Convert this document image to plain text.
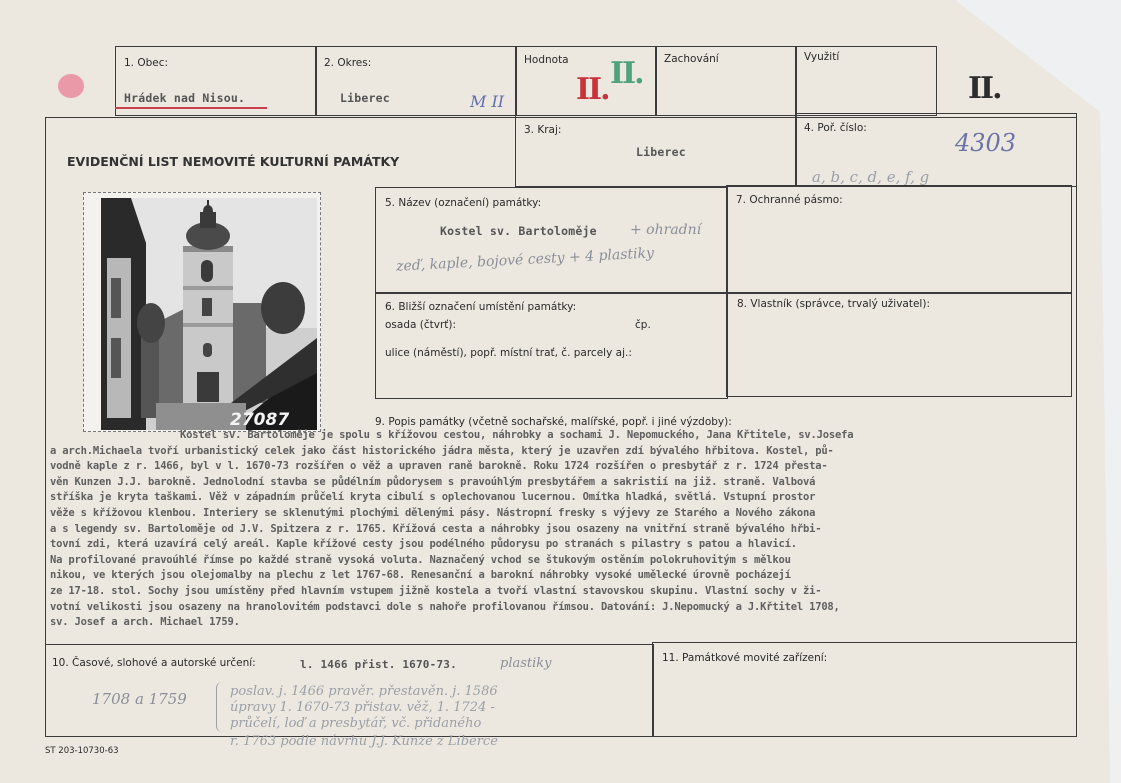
1. Obec:
Hrádek nad Nisou.
2. Okres:
Liberec	M II
Hodnota
II. II. Zachování	Využití
II.
EVIDENČNÍ LIST NEMOVITÉ KULTURNÍ PAMÁTKY
3. Kraj:
Liberec
4. Poř. číslo:
4303
a, b, c, d, e, f, g
5. Název (označení) památky:
Kostel sv. Bartoloměje + ohradní
zeď, kaple, bojové cesty + 4 plastiky
7. Ochranné pásmo:
6. Bližší označení umístění památky:
osada (čtvrť):	čp.
ulice (náměstí), popř. místní trať, č. parcely aj.:
8. Vlastník (správce, trvalý uživatel):
27087	9. Popis památky (včetně sochařské, malířské, popř. i jiné výzdoby):
Kostel sv. Bartoloměje je spolu s křížovou cestou, náhrobky a sochami J. Nepomuckého, Jana Křtitele, sv.Josefa
a arch.Michaela tvoří urbanistický celek jako část historického jádra města, který je uzavřen zdí bývalého hřbitova. Kostel, pů-
vodně kaple z r. 1466, byl v l. 1670-73 rozšířen o věž a upraven raně barokně. Roku 1724 rozšířen o presbytář z r. 1724 přesta-
věn Kunzen J.J. barokně. Jednolodní stavba se půdélním půdorysem s pravoúhlým presbytářem a sakristií na již. straně. Valbová
stříška je kryta taškami. Věž v západním průčelí kryta cibulí s oplechovanou lucernou. Omítka hladká, světlá. Vstupní prostor
věže s křížovou klenbou. Interiery se sklenutými plochými dělenými pásy. Nástropní fresky s výjevy ze Starého a Nového zákona
a s legendy sv. Bartoloměje od J.V. Spitzera z r. 1765. Křížová cesta a náhrobky jsou osazeny na vnitřní straně bývalého hřbi-
tovní zdi, která uzavírá celý areál. Kaple křížové cesty jsou podélného půdorysu po stranách s pilastry s patou a hlavicí.
Na profilované pravoúhlé římse po každé straně vysoká voluta. Naznačený vchod se štukovým ostěním polokruhovitým s mělkou
nikou, ve kterých jsou olejomalby na plechu z let 1767-68. Renesanční a barokní náhrobky vysoké umělecké úrovně pocházejí
ze 17-18. stol. Sochy jsou umístěny před hlavním vstupem jižně kostela a tvoří vlastní stavovskou skupinu. Vlastní sochy v ži-
votní velikosti jsou osazeny na hranolovitém podstavci dole s nahoře profilovanou římsou. Datování: J.Nepomucký a J.Křtitel 1708,
sv. Josef a arch. Michael 1759.
10. Časové, slohové a autorské určení:	l. 1466 přist. 1670-73.	plastiky
1708 a 1759	poslav. j. 1466 pravěr. přestavěn. j. 1586
úpravy 1. 1670-73 přistav. věž, 1. 1724 -
průčelí, loď a presbytář, vč. přidaného
r. 1763 podle návrhu J.J. Kunze z Liberce
11. Památkové movité zařízení:
ST 203-10730-63
